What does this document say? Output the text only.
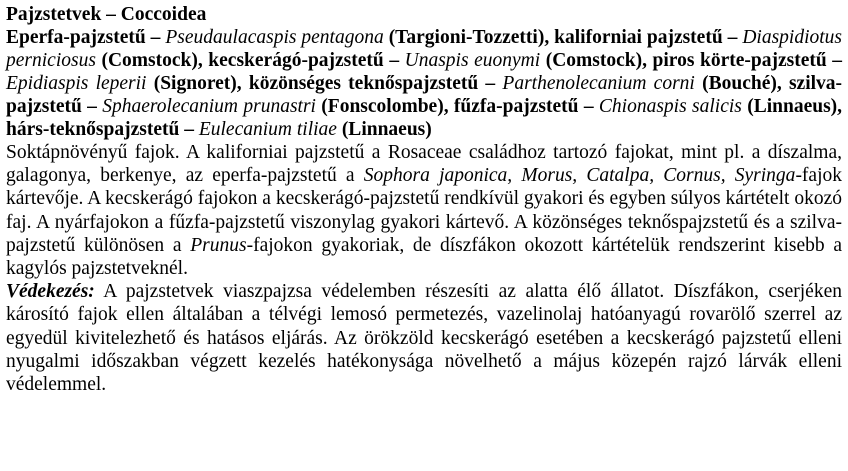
Pajzstetvek – Coccoidea

Eperfa-pajzstetű – Pseudaulacaspis pentagona (Targioni-Tozzetti), kaliforniai pajzstetű – Diaspidiotus perniciosus (Comstock), kecskerágó-pajzstetű – Unaspis euonymi (Comstock), piros körte-pajzstetű – Epidiaspis leperii (Signoret), közönséges teknőspajzstetű – Parthenolecanium corni (Bouché), szilva-pajzstetű – Sphaerolecanium prunastri (Fonscolombe), fűzfa-pajzstetű – Chionaspis salicis (Linnaeus), hárs-teknőspajzstetű – Eulecanium tiliae (Linnaeus)

Soktápnövényű fajok. A kaliforniai pajzstetű a Rosaceae családhoz tartozó fajokat, mint pl. a díszalma, galagonya, berkenye, az eperfa-pajzstetű a Sophora japonica, Morus, Catalpa, Cornus, Syringa-fajok kártevője. A kecskerágó fajokon a kecskerágó-pajzstetű rendkívül gyakori és egyben súlyos kártételt okozó faj. A nyárfajokon a fűzfa-pajzstetű viszonylag gyakori kártevő. A közönséges teknőspajzstetű és a szilva-pajzstetű különösen a Prunus-fajokon gyakoriak, de díszfákon okozott kártételük rendszerint kisebb a kagylós pajzstetveknél.

Védekezés: A pajzstetvek viaszpajzsa védelemben részesíti az alatta élő állatot. Díszfákon, cserjéken károsító fajok ellen általában a télvégi lemosó permetezés, vazelinolaj hatóanyagú rovarölő szerrel az egyedül kivitelezhető és hatásos eljárás. Az örökzöld kecskerágó esetében a kecskerágó pajzstetű elleni nyugalmi időszakban végzett kezelés hatékonysága növelhető a május közepén rajzó lárvák elleni védelemmel.
